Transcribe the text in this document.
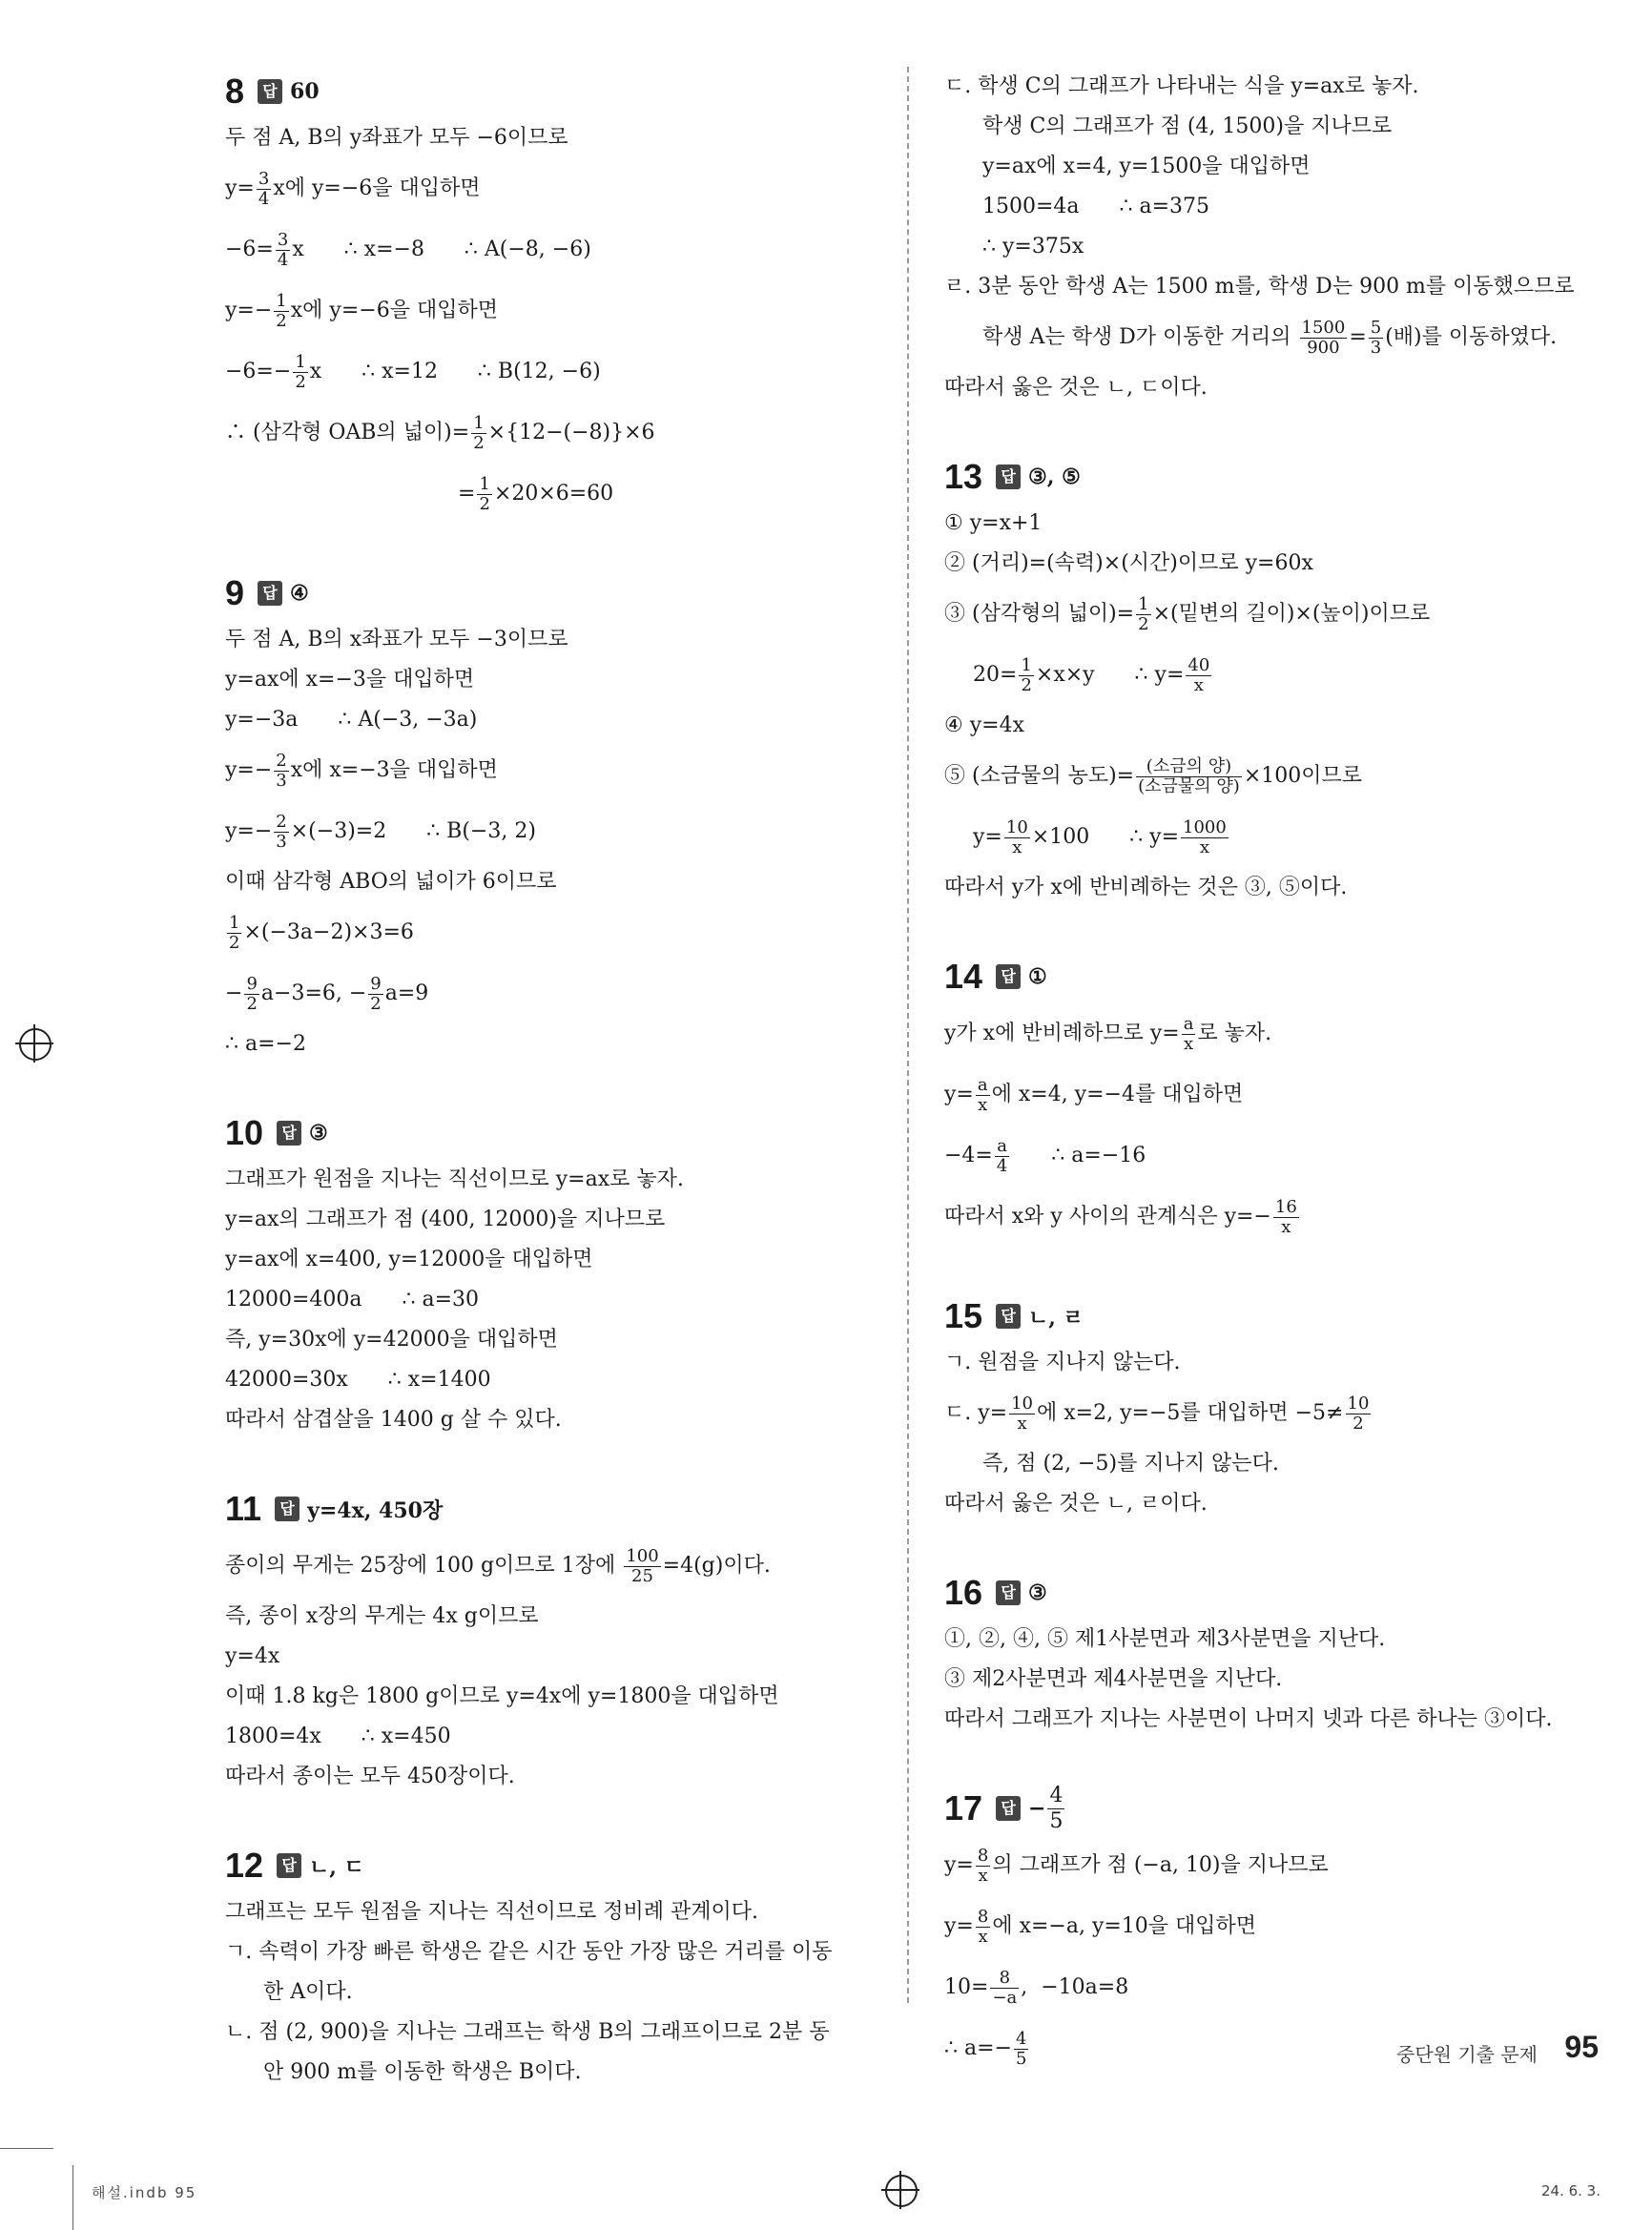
8	답 60
두 점 A, B의 y좌표가 모두 −6이므로
$y= \frac{3}{4}$ x에 y=−6을 대입하면
$-6= \frac{3}{4}$ x      ∴ x=−8      ∴ A(−8, −6)
$y=- \frac{1}{2}$ x에 y=−6을 대입하면
$-6=- \frac{1}{2}$ x      ∴ x=12      ∴ B(12, −6)
∴ (삼각형 OAB의 넓이)= $\frac{1}{2} \times\{12-(-8)\}\times 6$
= $\frac{1}{2} \times 20\times 6=60$
9	답 ④
두 점 A, B의 x좌표가 모두 −3이므로
y=ax에 x=−3을 대입하면
y=−3a      ∴ A(−3, −3a)
$y=- \frac{2}{3}$ x에 x=−3을 대입하면
$y=- \frac{2}{3} \times(-3)=2$      ∴ B(−3, 2)
이때 삼각형 ABO의 넓이가 6이므로
$\frac{1}{2} \times(-3a-2)\times 3=6$
− $\frac{9}{2} a-3=6$, − $\frac{9}{2} a=9$
∴ a=−2
10	답 ③
그래프가 원점을 지나는 직선이므로 y=ax로 놓자.
y=ax의 그래프가 점 (400, 12000)을 지나므로
y=ax에 x=400, y=12000을 대입하면
12000=400a      ∴ a=30
즉, y=30x에 y=42000을 대입하면
42000=30x      ∴ x=1400
따라서 삼겹살을 1400 g 살 수 있다.
11	답 y=4x, 450장
종이의 무게는 25장에 100 g이므로 1장에 $\frac{100}{25} =4(g)$이다.
즉, 종이 x장의 무게는 4x g이므로
y=4x
이때 1.8 kg은 1800 g이므로 y=4x에 y=1800을 대입하면
1800=4x      ∴ x=450
따라서 종이는 모두 450장이다.
12	답 ㄴ, ㄷ
그래프는 모두 원점을 지나는 직선이므로 정비례 관계이다.
ㄱ. 속력이 가장 빠른 학생은 같은 시간 동안 가장 많은 거리를 이동
한 A이다.
ㄴ. 점 (2, 900)을 지나는 그래프는 학생 B의 그래프이므로 2분 동
안 900 m를 이동한 학생은 B이다.
ㄷ. 학생 C의 그래프가 나타내는 식을 y=ax로 놓자.
학생 C의 그래프가 점 (4, 1500)을 지나므로
y=ax에 x=4, y=1500을 대입하면
1500=4a      ∴ a=375
∴ y=375x
ㄹ. 3분 동안 학생 A는 1500 m를, 학생 D는 900 m를 이동했으므로
학생 A는 학생 D가 이동한 거리의 $\frac{1500}{900} = \frac{5}{3}$ (배)를 이동하였다.
따라서 옳은 것은 ㄴ, ㄷ이다.
13	답 ③, ⑤
① y=x+1
② (거리)=(속력)×(시간)이므로 y=60x
③ (삼각형의 넓이)= $\frac{1}{2}$ ×(밑변의 길이)×(높이)이므로
$20= \frac{1}{2} \times x\times y$      ∴ $y= \frac{40}{x}$
④ y=4x
⑤ (소금물의 농도)= (소금의 양)
(소금물의 양) ×100이므로
$y= \frac{10}{x} \times 100$      ∴ $y= \frac{1000}{x}$
따라서 y가 x에 반비례하는 것은 ③, ⑤이다.
14	답 ①
y가 x에 반비례하므로 $y= \frac{a}{x}$ 로 놓자.
$y= \frac{a}{x}$ 에 x=4, y=−4를 대입하면
$-4= \frac{a}{4}$ ∴ a=−16
따라서 x와 y 사이의 관계식은 $y=- \frac{16}{x}$
15	답 ㄴ, ㄹ
ㄱ. 원점을 지나지 않는다.
ㄷ. $y= \frac{10}{x}$ 에 x=2, y=−5를 대입하면 $-5\ne \frac{10}{2}$
즉, 점 (2, −5)를 지나지 않는다.
따라서 옳은 것은 ㄴ, ㄹ이다.
16	답 ③
①, ②, ④, ⑤ 제1사분면과 제3사분면을 지난다.
③ 제2사분면과 제4사분면을 지난다.
따라서 그래프가 지나는 사분면이 나머지 넷과 다른 하나는 ③이다.
17	답 − $\frac{4}{5}$
$y= \frac{8}{x}$ 의 그래프가 점 (−a, 10)을 지나므로
$y= \frac{8}{x}$ 에 x=−a, y=10을 대입하면
$10= \frac{8}{-a}$ ,  −10a=8
∴ $a=- \frac{4}{5}$	중단원 기출 문제 95
해설.indb 95	24. 6. 3.
